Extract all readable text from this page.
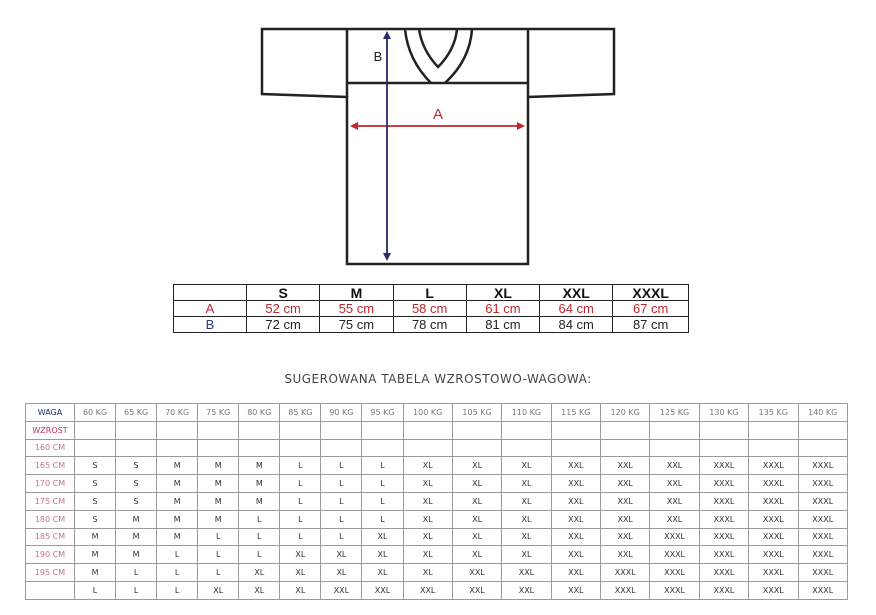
A
B
	S	M	L	XL	XXL	XXXL
A	52 cm	55 cm	58 cm	61 cm	64 cm	67 cm
B	72 cm	75 cm	78 cm	81 cm	84 cm	87 cm
SUGEROWANA TABELA WZROSTOWO-WAGOWA:
WAGA	60 KG	65 KG	70 KG	75 KG	80 KG	85 KG	90 KG	95 KG	100 KG	105 KG	110 KG	115 KG	120 KG	125 KG	130 KG	135 KG	140 KG
WZROST																	
160 CM																	
165 CM	S	S	M	M	M	L	L	L	XL	XL	XL	XXL	XXL	XXL	XXXL	XXXL	XXXL
170 CM	S	S	M	M	M	L	L	L	XL	XL	XL	XXL	XXL	XXL	XXXL	XXXL	XXXL
175 CM	S	S	M	M	M	L	L	L	XL	XL	XL	XXL	XXL	XXL	XXXL	XXXL	XXXL
180 CM	S	M	M	M	L	L	L	L	XL	XL	XL	XXL	XXL	XXL	XXXL	XXXL	XXXL
185 CM	M	M	M	L	L	L	L	XL	XL	XL	XL	XXL	XXL	XXXL	XXXL	XXXL	XXXL
190 CM	M	M	L	L	L	XL	XL	XL	XL	XL	XL	XXL	XXL	XXXL	XXXL	XXXL	XXXL
195 CM	M	L	L	L	XL	XL	XL	XL	XL	XXL	XXL	XXL	XXXL	XXXL	XXXL	XXXL	XXXL
	L	L	L	XL	XL	XL	XXL	XXL	XXL	XXL	XXL	XXL	XXXL	XXXL	XXXL	XXXL	XXXL
